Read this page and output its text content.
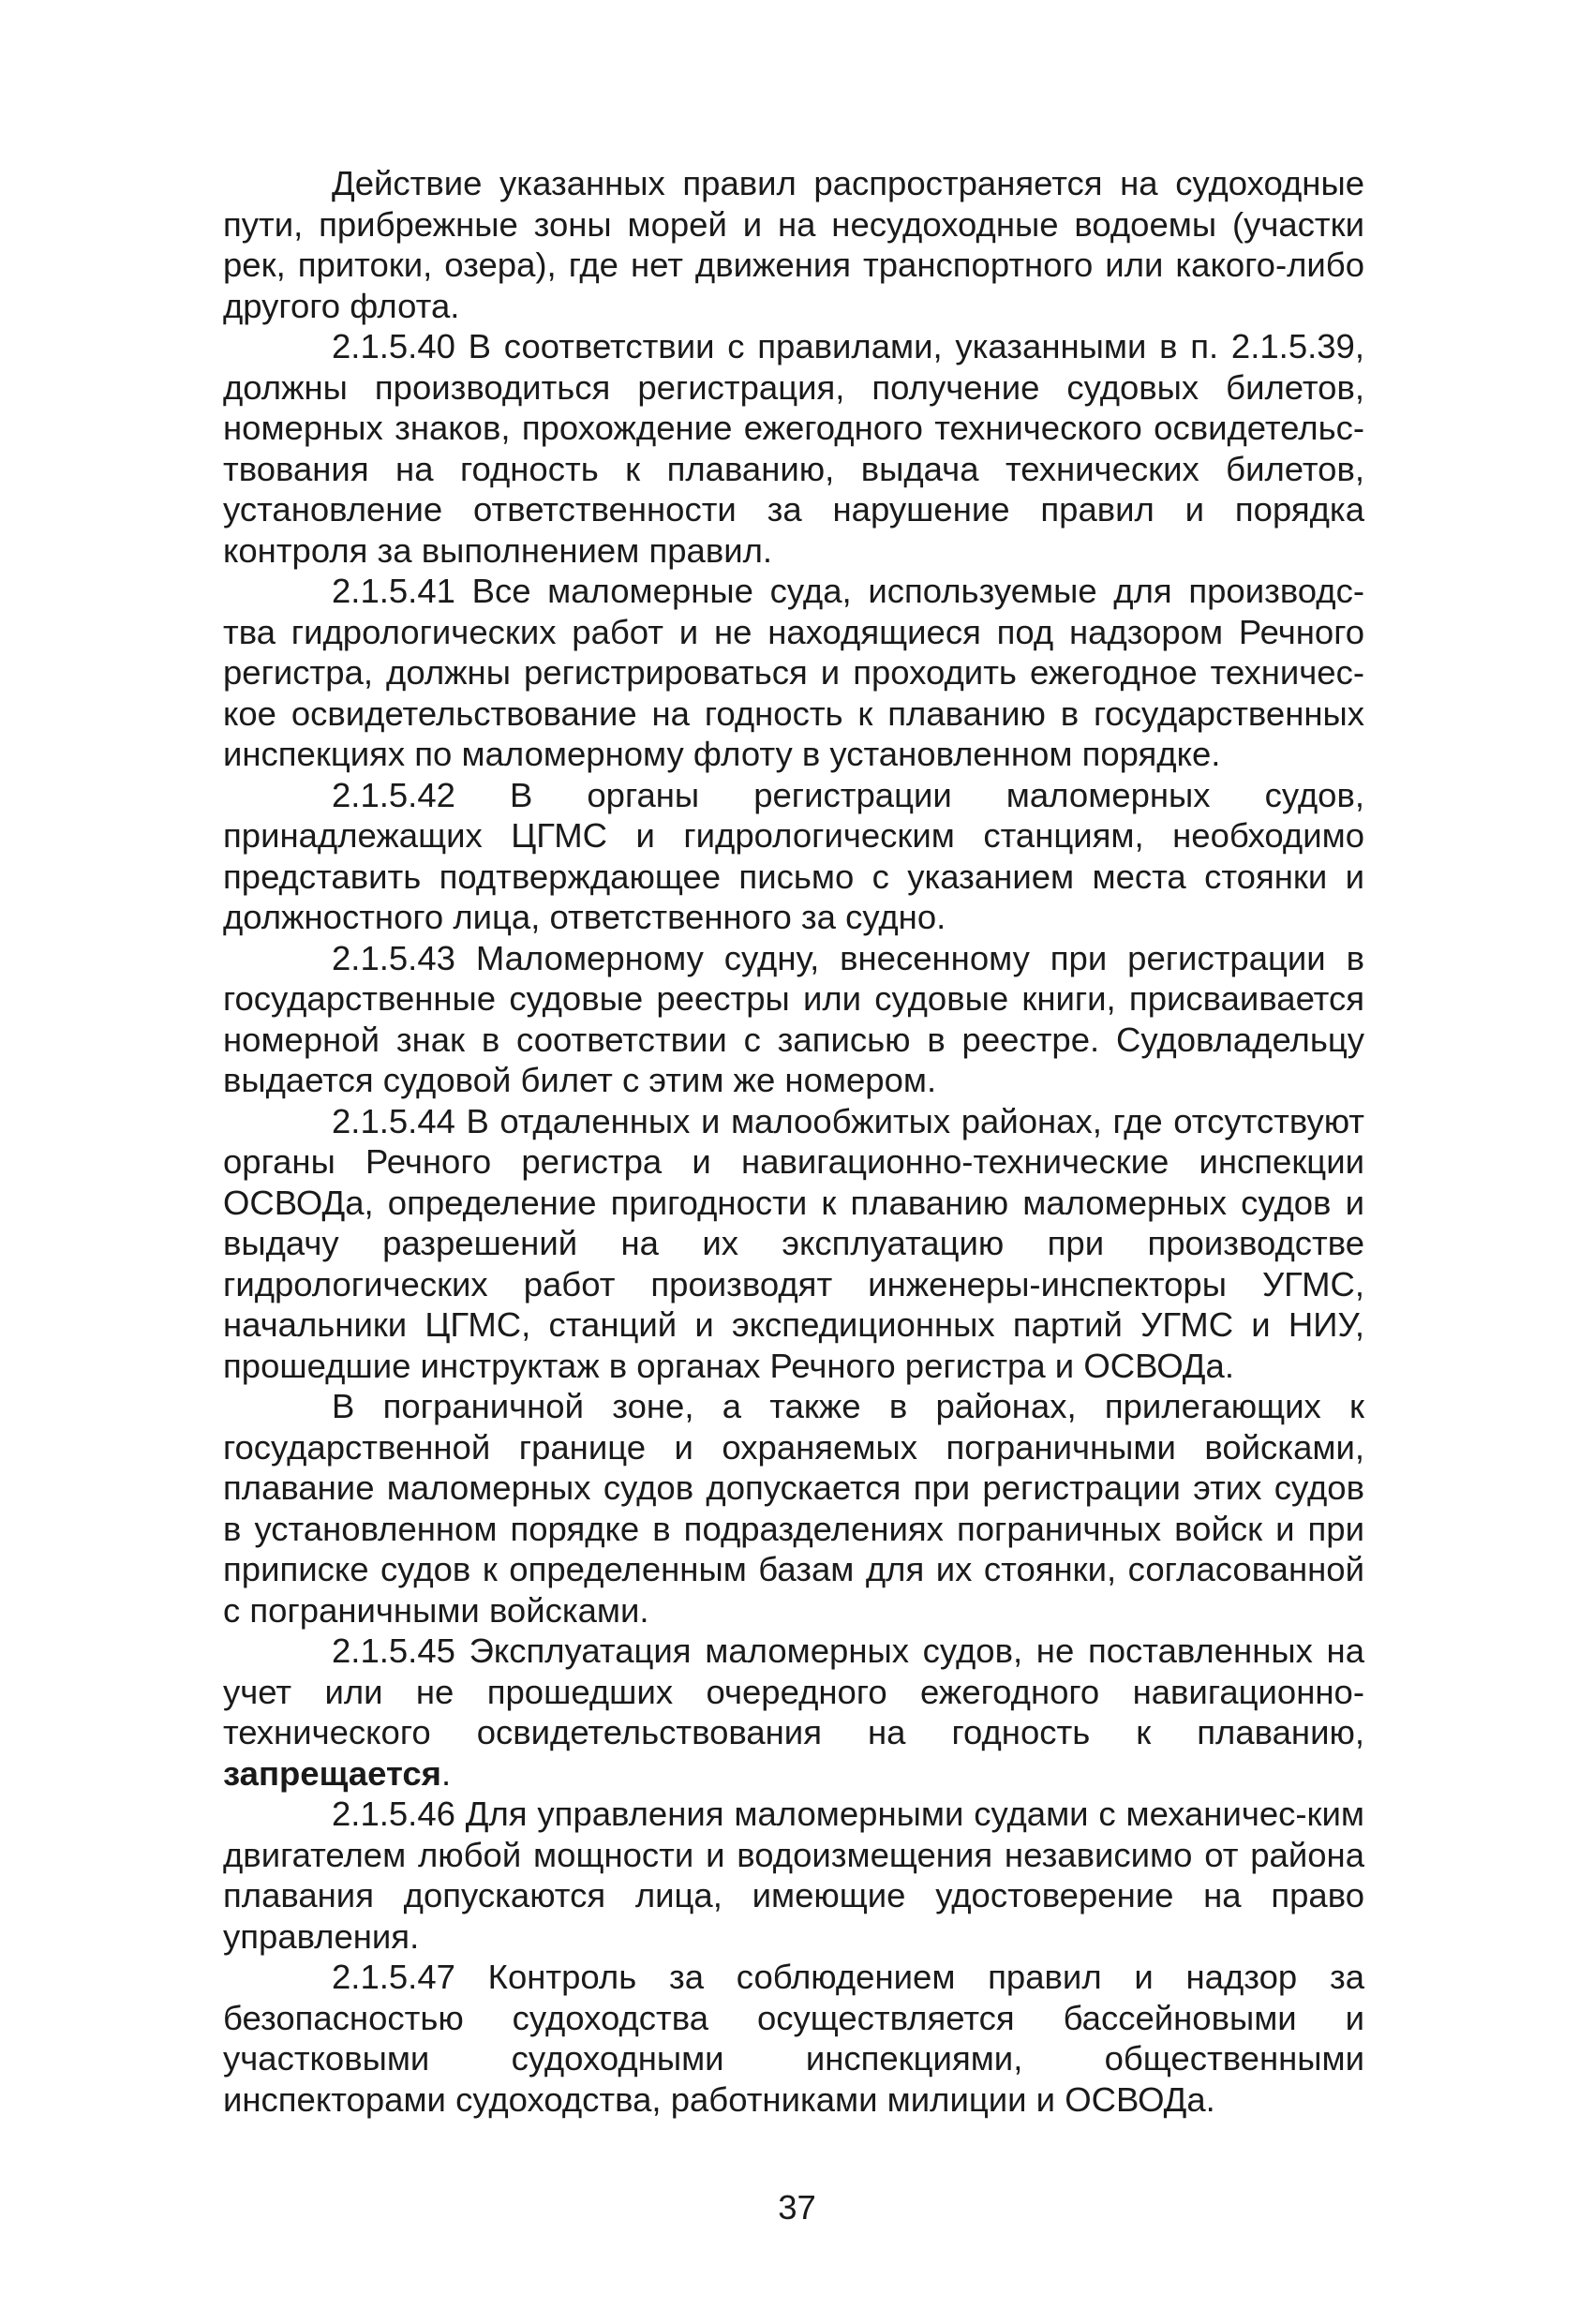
Действие указанных правил распространяется на судоходные пути, прибрежные зоны морей и на несудоходные водоемы (участки рек, притоки, озера), где нет движения транспортного или какого-либо другого флота.

2.1.5.40 В соответствии с правилами, указанными в п. 2.1.5.39, должны производиться регистрация, получение судовых билетов, номерных знаков, прохождение ежегодного технического освидетельс-твования на годность к плаванию, выдача технических билетов, установление ответственности за нарушение правил и порядка контроля за выполнением правил.

2.1.5.41 Все маломерные суда, используемые для производс-тва гидрологических работ и не находящиеся под надзором Речного регистра, должны регистрироваться и проходить ежегодное техничес-кое освидетельствование на годность к плаванию в государственных инспекциях по маломерному флоту в установленном порядке.

2.1.5.42 В органы регистрации маломерных судов, принадлежащих ЦГМС и гидрологическим станциям, необходимо представить подтверждающее письмо с указанием места стоянки и должностного лица, ответственного за судно.

2.1.5.43 Маломерному судну, внесенному при регистрации в государственные судовые реестры или судовые книги, присваивается номерной знак в соответствии с записью в реестре. Судовладельцу выдается судовой билет с этим же номером.

2.1.5.44 В отдаленных и малообжитых районах, где отсутствуют органы Речного регистра и навигационно-технические инспекции ОСВОДа, определение пригодности к плаванию маломерных судов и выдачу разрешений на их эксплуатацию при производстве гидрологических работ производят инженеры-инспекторы УГМС, начальники ЦГМС, станций и экспедиционных партий УГМС и НИУ, прошедшие инструктаж в органах Речного регистра и ОСВОДа.

В пограничной зоне, а также в районах, прилегающих к государственной границе и охраняемых пограничными войсками, плавание маломерных судов допускается при регистрации этих судов в установленном порядке в подразделениях пограничных войск и при приписке судов к определенным базам для их стоянки, согласованной с пограничными войсками.

2.1.5.45 Эксплуатация маломерных судов, не поставленных на учет или не прошедших очередного ежегодного навигационно-технического освидетельствования на годность к плаванию, запрещается.

2.1.5.46 Для управления маломерными судами с механичес-ким двигателем любой мощности и водоизмещения независимо от района плавания допускаются лица, имеющие удостоверение на право управления.

2.1.5.47 Контроль за соблюдением правил и надзор за безопасностью судоходства осуществляется бассейновыми и участковыми судоходными инспекциями, общественными инспекторами судоходства, работниками милиции и ОСВОДа.

37
